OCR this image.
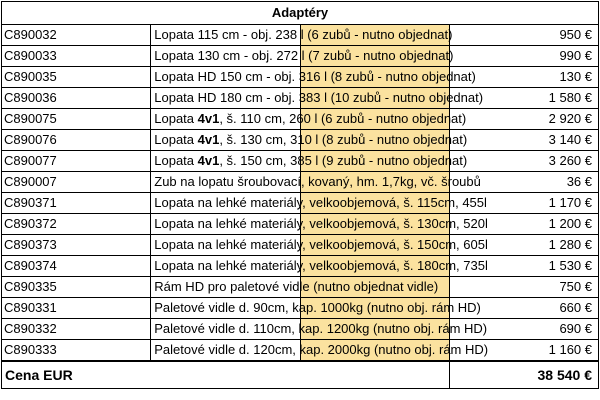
Adaptéry			
C890032	Lopata 115 cm - obj. 238 l (6 zubů - nutno objednat)		950 €
C890033	Lopata 130 cm - obj. 272 l (7 zubů - nutno objednat)		990 €
C890035	Lopata HD 150 cm - obj. 316 l (8 zubů - nutno objednat)		130 €
C890036	Lopata HD 180 cm - obj. 383 l (10 zubů - nutno objednat)		1 580 €
C890075	Lopata 4v1, š. 110 cm, 260 l (6 zubů - nutno objednat)		2 920 €
C890076	Lopata 4v1, š. 130 cm, 310 l (8 zubů - nutno objednat)		3 140 €
C890077	Lopata 4v1, š. 150 cm, 385 l (9 zubů - nutno objednat)		3 260 €
C890007	Zub na lopatu šroubovací, kovaný, hm. 1,7kg, vč. šroubů		36 €
C890371	Lopata na lehké materiály, velkoobjemová, š. 115cm, 455l		1 170 €
C890372	Lopata na lehké materiály, velkoobjemová, š. 130cm, 520l		1 200 €
C890373	Lopata na lehké materiály, velkoobjemová, š. 150cm, 605l		1 280 €
C890374	Lopata na lehké materiály, velkoobjemová, š. 180cm, 735l		1 530 €
C890335	Rám HD pro paletové vidle (nutno objednat vidle)		750 €
C890331	Paletové vidle d. 90cm, kap. 1000kg (nutno obj. rám HD)		660 €
C890332	Paletové vidle d. 110cm, kap. 1200kg (nutno obj. rám HD)		690 €
C890333	Paletové vidle d. 120cm, kap. 2000kg (nutno obj. rám HD)		1 160 €
Cena EUR			38 540 €
